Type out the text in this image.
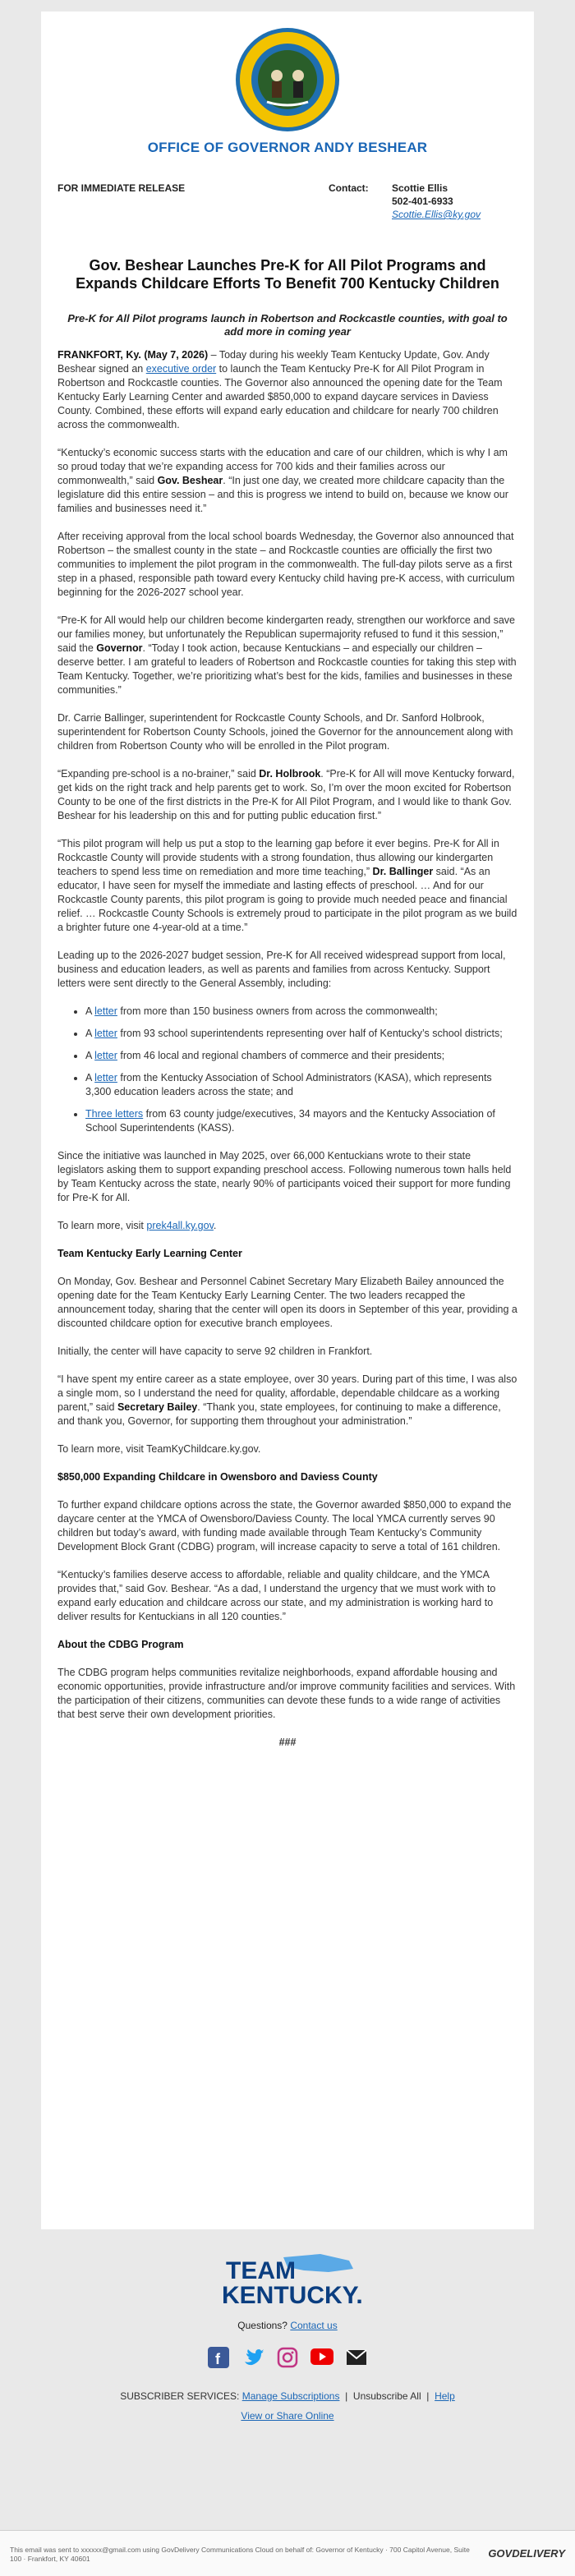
OFFICE OF GOVERNOR ANDY BESHEAR
FOR IMMEDIATE RELEASE	Contact: Scottie Ellis
502-401-6933
Scottie.Ellis@ky.gov
Gov. Beshear Launches Pre-K for All Pilot Programs and Expands Childcare Efforts To Benefit 700 Kentucky Children
Pre-K for All Pilot programs launch in Robertson and Rockcastle counties, with goal to add more in coming year

FRANKFORT, Ky. (May 7, 2026) – Today during his weekly Team Kentucky Update, Gov. Andy Beshear signed an executive order to launch the Team Kentucky Pre-K for All Pilot Program in Robertson and Rockcastle counties. The Governor also announced the opening date for the Team Kentucky Early Learning Center and awarded $850,000 to expand daycare services in Daviess County. Combined, these efforts will expand early education and childcare for nearly 700 children across the commonwealth.

“Kentucky’s economic success starts with the education and care of our children, which is why I am so proud today that we’re expanding access for 700 kids and their families across our commonwealth,” said Gov. Beshear. “In just one day, we created more childcare capacity than the legislature did this entire session – and this is progress we intend to build on, because we know our families and businesses need it.”

After receiving approval from the local school boards Wednesday, the Governor also announced that Robertson – the smallest county in the state – and Rockcastle counties are officially the first two communities to implement the pilot program in the commonwealth. The full-day pilots serve as a first step in a phased, responsible path toward every Kentucky child having pre-K access, with curriculum beginning for the 2026-2027 school year.

“Pre-K for All would help our children become kindergarten ready, strengthen our workforce and save our families money, but unfortunately the Republican supermajority refused to fund it this session,” said the Governor. “Today I took action, because Kentuckians – and especially our children – deserve better. I am grateful to leaders of Robertson and Rockcastle counties for taking this step with Team Kentucky. Together, we’re prioritizing what’s best for the kids, families and businesses in these communities.”

Dr. Carrie Ballinger, superintendent for Rockcastle County Schools, and Dr. Sanford Holbrook, superintendent for Robertson County Schools, joined the Governor for the announcement along with children from Robertson County who will be enrolled in the Pilot program.

“Expanding pre-school is a no-brainer,” said Dr. Holbrook. “Pre-K for All will move Kentucky forward, get kids on the right track and help parents get to work. So, I’m over the moon excited for Robertson County to be one of the first districts in the Pre-K for All Pilot Program, and I would like to thank Gov. Beshear for his leadership on this and for putting public education first.”

“This pilot program will help us put a stop to the learning gap before it ever begins. Pre-K for All in Rockcastle County will provide students with a strong foundation, thus allowing our kindergarten teachers to spend less time on remediation and more time teaching,” Dr. Ballinger said. “As an educator, I have seen for myself the immediate and lasting effects of preschool. … And for our Rockcastle County parents, this pilot program is going to provide much needed peace and financial relief. … Rockcastle County Schools is extremely proud to participate in the pilot program as we build a brighter future one 4-year-old at a time.”

Leading up to the 2026-2027 budget session, Pre-K for All received widespread support from local, business and education leaders, as well as parents and families from across Kentucky. Support letters were sent directly to the General Assembly, including:

• A letter from more than 150 business owners from across the commonwealth;
• A letter from 93 school superintendents representing over half of Kentucky’s school districts;
• A letter from 46 local and regional chambers of commerce and their presidents;
• A letter from the Kentucky Association of School Administrators (KASA), which represents 3,300 education leaders across the state; and
• Three letters from 63 county judge/executives, 34 mayors and the Kentucky Association of School Superintendents (KASS).

Since the initiative was launched in May 2025, over 66,000 Kentuckians wrote to their state legislators asking them to support expanding preschool access. Following numerous town halls held by Team Kentucky across the state, nearly 90% of participants voiced their support for more funding for Pre-K for All.

To learn more, visit prek4all.ky.gov.

Team Kentucky Early Learning Center

On Monday, Gov. Beshear and Personnel Cabinet Secretary Mary Elizabeth Bailey announced the opening date for the Team Kentucky Early Learning Center. The two leaders recapped the announcement today, sharing that the center will open its doors in September of this year, providing a discounted childcare option for executive branch employees.

Initially, the center will have capacity to serve 92 children in Frankfort.

“I have spent my entire career as a state employee, over 30 years. During part of this time, I was also a single mom, so I understand the need for quality, affordable, dependable childcare as a working parent,” said Secretary Bailey. “Thank you, state employees, for continuing to make a difference, and thank you, Governor, for supporting them throughout your administration.”

To learn more, visit TeamKyChildcare.ky.gov.

$850,000 Expanding Childcare in Owensboro and Daviess County

To further expand childcare options across the state, the Governor awarded $850,000 to expand the daycare center at the YMCA of Owensboro/Daviess County. The local YMCA currently serves 90 children but today’s award, with funding made available through Team Kentucky’s Community Development Block Grant (CDBG) program, will increase capacity to serve a total of 161 children.

“Kentucky’s families deserve access to affordable, reliable and quality childcare, and the YMCA provides that,” said Gov. Beshear. “As a dad, I understand the urgency that we must work with to expand early education and childcare across our state, and my administration is working hard to deliver results for Kentuckians in all 120 counties.”

About the CDBG Program

The CDBG program helps communities revitalize neighborhoods, expand affordable housing and economic opportunities, provide infrastructure and/or improve community facilities and services. With the participation of their citizens, communities can devote these funds to a wide range of activities that best serve their own development priorities.

###
TEAM
KENTUCKY.
Questions? Contact us
f
SUBSCRIBER SERVICES: Manage Subscriptions | Unsubscribe All | Help
View or Share Online
This email was sent to xxxxxx@gmail.com using GovDelivery Communications Cloud on behalf of: Governor of Kentucky · 700 Capitol Avenue, Suite 100 · Frankfort, KY 40601	GOVDELIVERY
